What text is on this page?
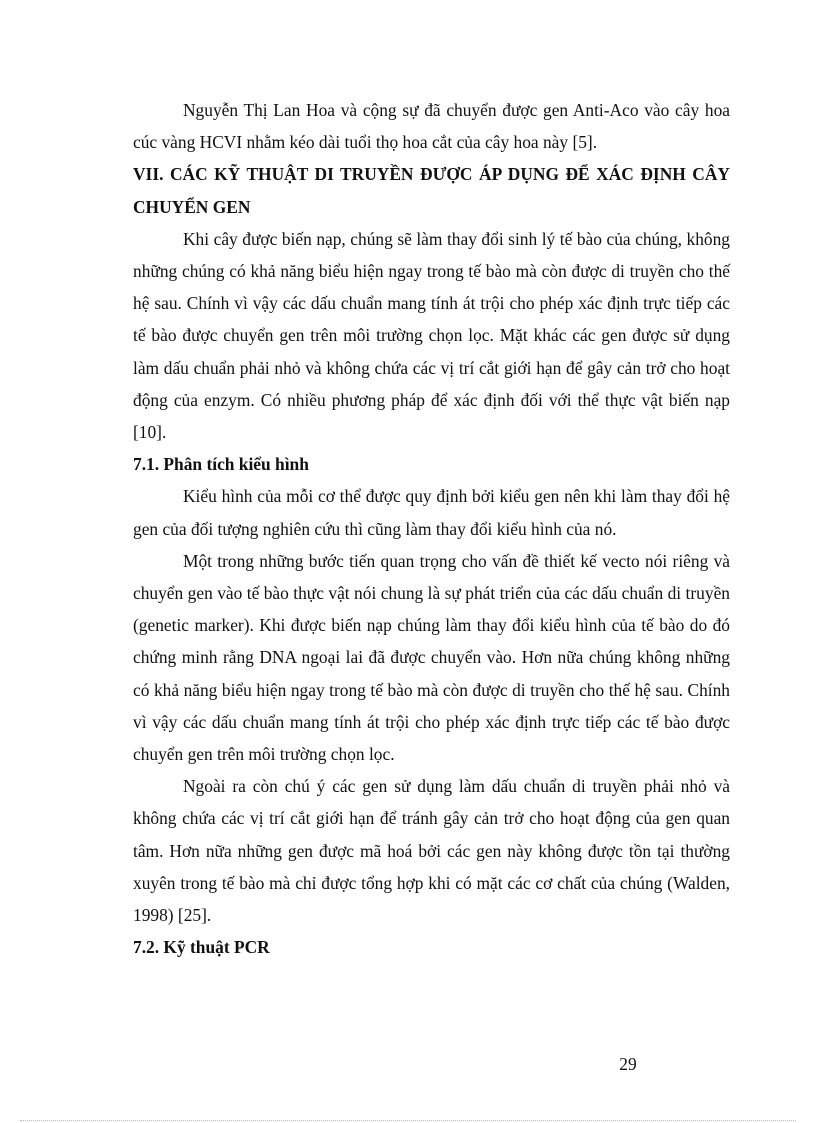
Nguyễn Thị Lan Hoa và cộng sự đã chuyển được gen Anti-Aco vào cây hoa cúc vàng HCVI nhằm kéo dài tuổi thọ hoa cắt của cây hoa này [5].

VII. CÁC KỸ THUẬT DI TRUYỀN ĐƯỢC ÁP DỤNG ĐỂ XÁC ĐỊNH CÂY CHUYỂN GEN

Khi cây được biến nạp, chúng sẽ làm thay đổi sinh lý tế bào của chúng, không những chúng có khả năng biểu hiện ngay trong tế bào mà còn được di truyền cho thế hệ sau. Chính vì vậy các dấu chuẩn mang tính át trội cho phép xác định trực tiếp các tế bào được chuyển gen trên môi trường chọn lọc. Mặt khác các gen được sử dụng làm dấu chuẩn phải nhỏ và không chứa các vị trí cắt giới hạn để gây cản trở cho hoạt động của enzym. Có nhiều phương pháp để xác định đối với thể thực vật biến nạp [10].

7.1. Phân tích kiểu hình

Kiểu hình của mỗi cơ thể được quy định bởi kiểu gen nên khi làm thay đổi hệ gen của đối tượng nghiên cứu thì cũng làm thay đổi kiểu hình của nó.

Một trong những bước tiến quan trọng cho vấn đề thiết kế vecto nói riêng và chuyển gen vào tế bào thực vật nói chung là sự phát triển của các dấu chuẩn di truyền (genetic marker). Khi được biến nạp chúng làm thay đổi kiểu hình của tế bào do đó chứng minh rằng DNA ngoại lai đã được chuyển vào. Hơn nữa chúng không những có khả năng biểu hiện ngay trong tế bào mà còn được di truyền cho thế hệ sau. Chính vì vậy các dấu chuẩn mang tính át trội cho phép xác định trực tiếp các tế bào được chuyển gen trên môi trường chọn lọc.

Ngoài ra còn chú ý các gen sử dụng làm dấu chuẩn di truyền phải nhỏ và không chứa các vị trí cắt giới hạn để tránh gây cản trở cho hoạt động của gen quan tâm. Hơn nữa những gen được mã hoá bởi các gen này không được tồn tại thường xuyên trong tế bào mà chỉ được tổng hợp khi có mặt các cơ chất của chúng (Walden, 1998) [25].

7.2. Kỹ thuật PCR
29
